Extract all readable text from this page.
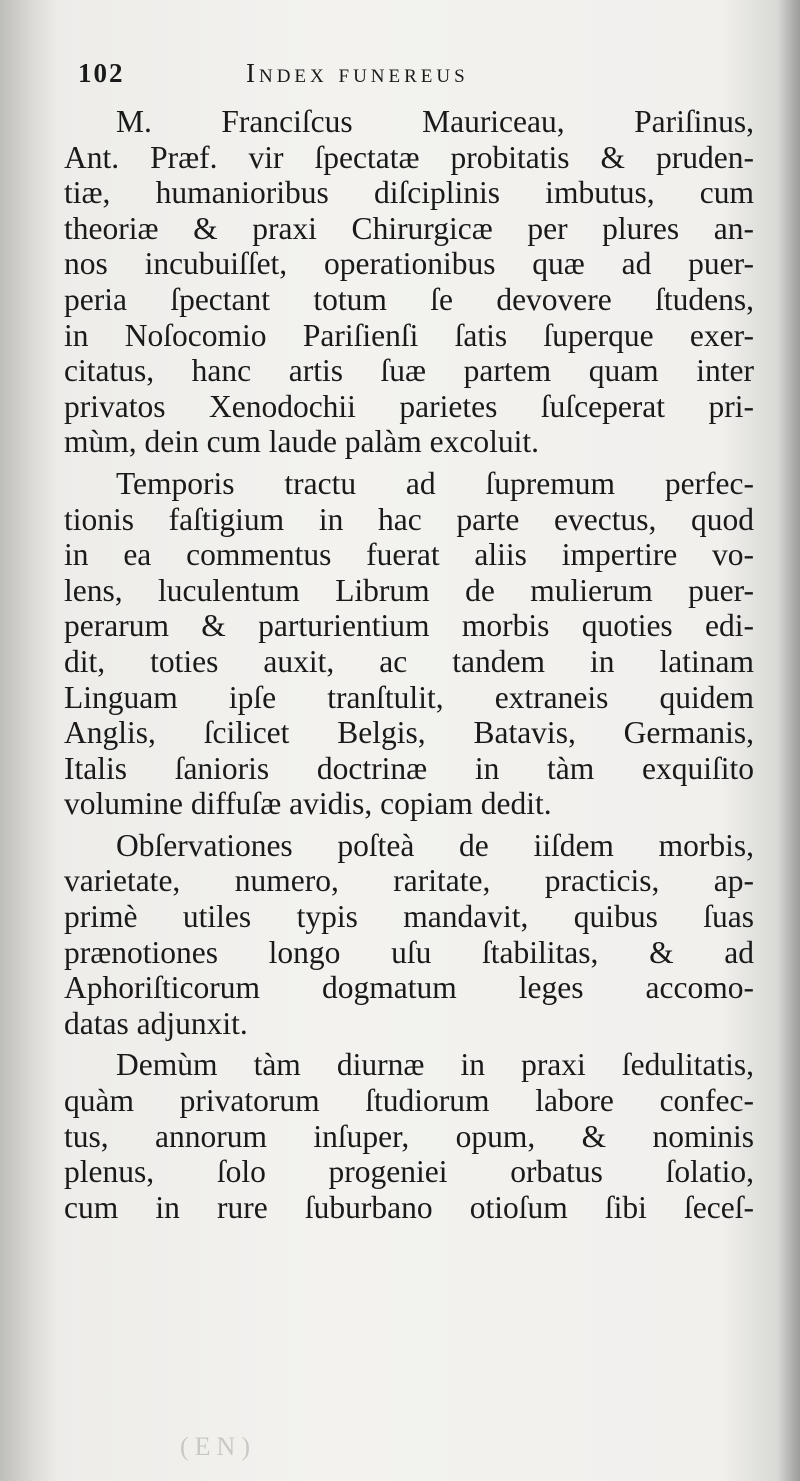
102	Index funereus
M. Franciſcus Mauriceau, Pariſinus,
Ant. Præf. vir ſpectatæ probitatis & pruden-
tiæ, humanioribus diſciplinis imbutus, cum
theoriæ & praxi Chirurgicæ per plures an-
nos incubuiſſet, operationibus quæ ad puer-
peria ſpectant totum ſe devovere ſtudens,
in Noſocomio Pariſienſi ſatis ſuperque exer-
citatus, hanc artis ſuæ partem quam inter
privatos Xenodochii parietes ſuſceperat pri-
mùm, dein cum laude palàm excoluit.
Temporis tractu ad ſupremum perfec-
tionis faſtigium in hac parte evectus, quod
in ea commentus fuerat aliis impertire vo-
lens, luculentum Librum de mulierum puer-
perarum & parturientium morbis quoties edi-
dit, toties auxit, ac tandem in latinam
Linguam ipſe tranſtulit, extraneis quidem
Anglis, ſcilicet Belgis, Batavis, Germanis,
Italis ſanioris doctrinæ in tàm exquiſito
volumine diffuſæ avidis, copiam dedit.
Obſervationes poſteà de iiſdem morbis,
varietate, numero, raritate, practicis, ap-
primè utiles typis mandavit, quibus ſuas
prænotiones longo uſu ſtabilitas, & ad
Aphoriſticorum dogmatum leges accomo-
datas adjunxit.
Demùm tàm diurnæ in praxi ſedulitatis,
quàm privatorum ſtudiorum labore confec-
tus, annorum inſuper, opum, & nominis
plenus, ſolo progeniei orbatus ſolatio,
cum in rure ſuburbano otioſum ſibi ſeceſ-
(EN)
